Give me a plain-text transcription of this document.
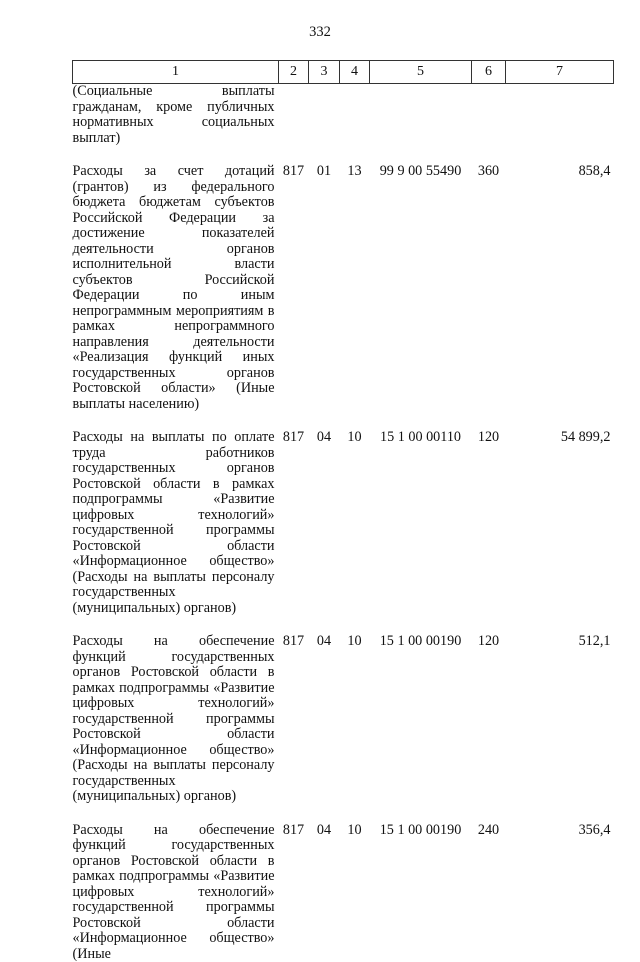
332
1	2	3	4	5	6	7
(Социальные выплаты гражданам, кроме публичных нормативных социальных выплат)						

Расходы за счет дотаций (грантов) из федерального бюджета бюджетам субъектов Российской Федерации за достижение показателей деятельности органов исполнительной власти субъектов Российской Федерации по иным непрограммным мероприятиям в рамках непрограммного направления деятельности «Реализация функций иных государственных органов Ростовской области» (Иные выплаты населению)	817	01	13	99 9 00 55490	360	858,4

Расходы на выплаты по оплате труда работников государственных органов Ростовской области в рамках подпрограммы «Развитие цифровых технологий» государственной программы Ростовской области «Информационное общество» (Расходы на выплаты персоналу государственных (муниципальных) органов)	817	04	10	15 1 00 00110	120	54 899,2

Расходы на обеспечение функций государственных органов Ростовской области в рамках подпрограммы «Развитие цифровых технологий» государственной программы Ростовской области «Информационное общество» (Расходы на выплаты персоналу государственных (муниципальных) органов)	817	04	10	15 1 00 00190	120	512,1

Расходы на обеспечение функций государственных органов Ростовской области в рамках подпрограммы «Развитие цифровых технологий» государственной программы Ростовской области «Информационное общество» (Иные	817	04	10	15 1 00 00190	240	356,4
